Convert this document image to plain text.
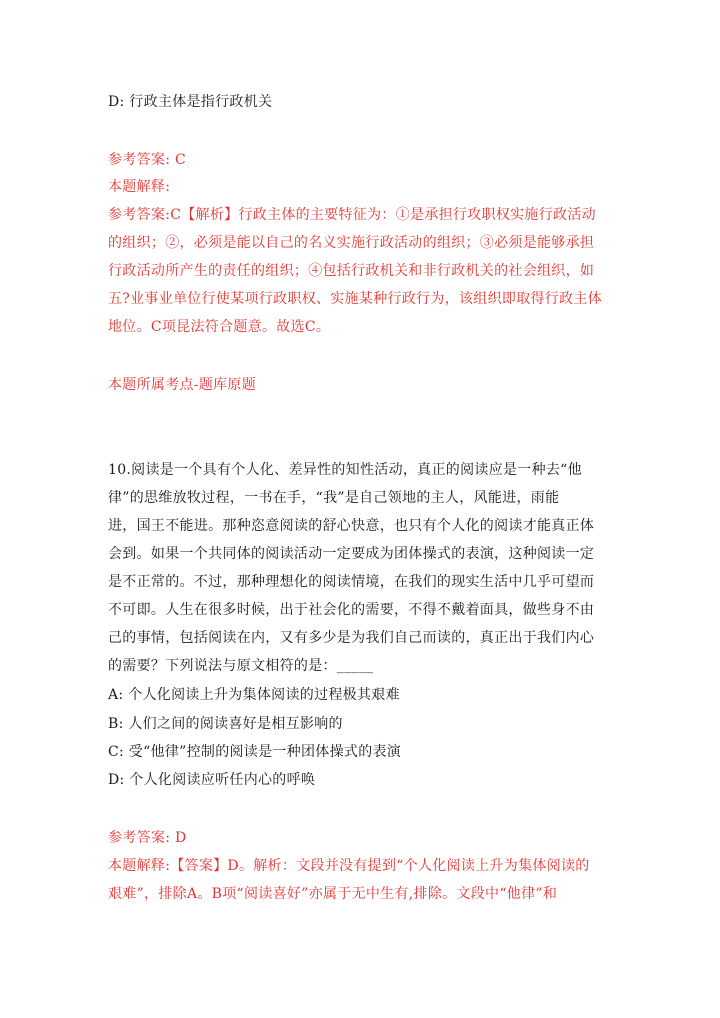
D: 行政主体是指行政机关
参考答案: C
本题解释:
参考答案:C【解析】行政主体的主要特征为：①是承担行攻职权实施行政活动
的组织；②，必须是能以自己的名义实施行政活动的组织；③必须是能够承担
行政活动所产生的责任的组织；④包括行政机关和非行政机关的社会组织，如
五?业事业单位行使某项行政职权、实施某种行政行为，该组织即取得行政主体
地位。C项昆法符合题意。故选C。
本题所属考点-题库原题
10.阅读是一个具有个人化、差异性的知性活动，真正的阅读应是一种去“他
律”的思维放牧过程，一书在手，“我”是自己领地的主人，风能进，雨能
进，国王不能进。那种恣意阅读的舒心快意，也只有个人化的阅读才能真正体
会到。如果一个共同体的阅读活动一定要成为团体操式的表演，这种阅读一定
是不正常的。不过，那种理想化的阅读情境，在我们的现实生活中几乎可望而
不可即。人生在很多时候，出于社会化的需要，不得不戴着面具，做些身不由
己的事情，包括阅读在内，又有多少是为我们自己而读的，真正出于我们内心
的需要？下列说法与原文相符的是：_____
A: 个人化阅读上升为集体阅读的过程极其艰难
B: 人们之间的阅读喜好是相互影响的
C: 受“他律”控制的阅读是一种团体操式的表演
D: 个人化阅读应听任内心的呼唤
参考答案: D
本题解释:【答案】D。解析：文段并没有提到“个人化阅读上升为集体阅读的
艰难”，排除A。B项“阅读喜好”亦属于无中生有,排除。文段中“他律”和
